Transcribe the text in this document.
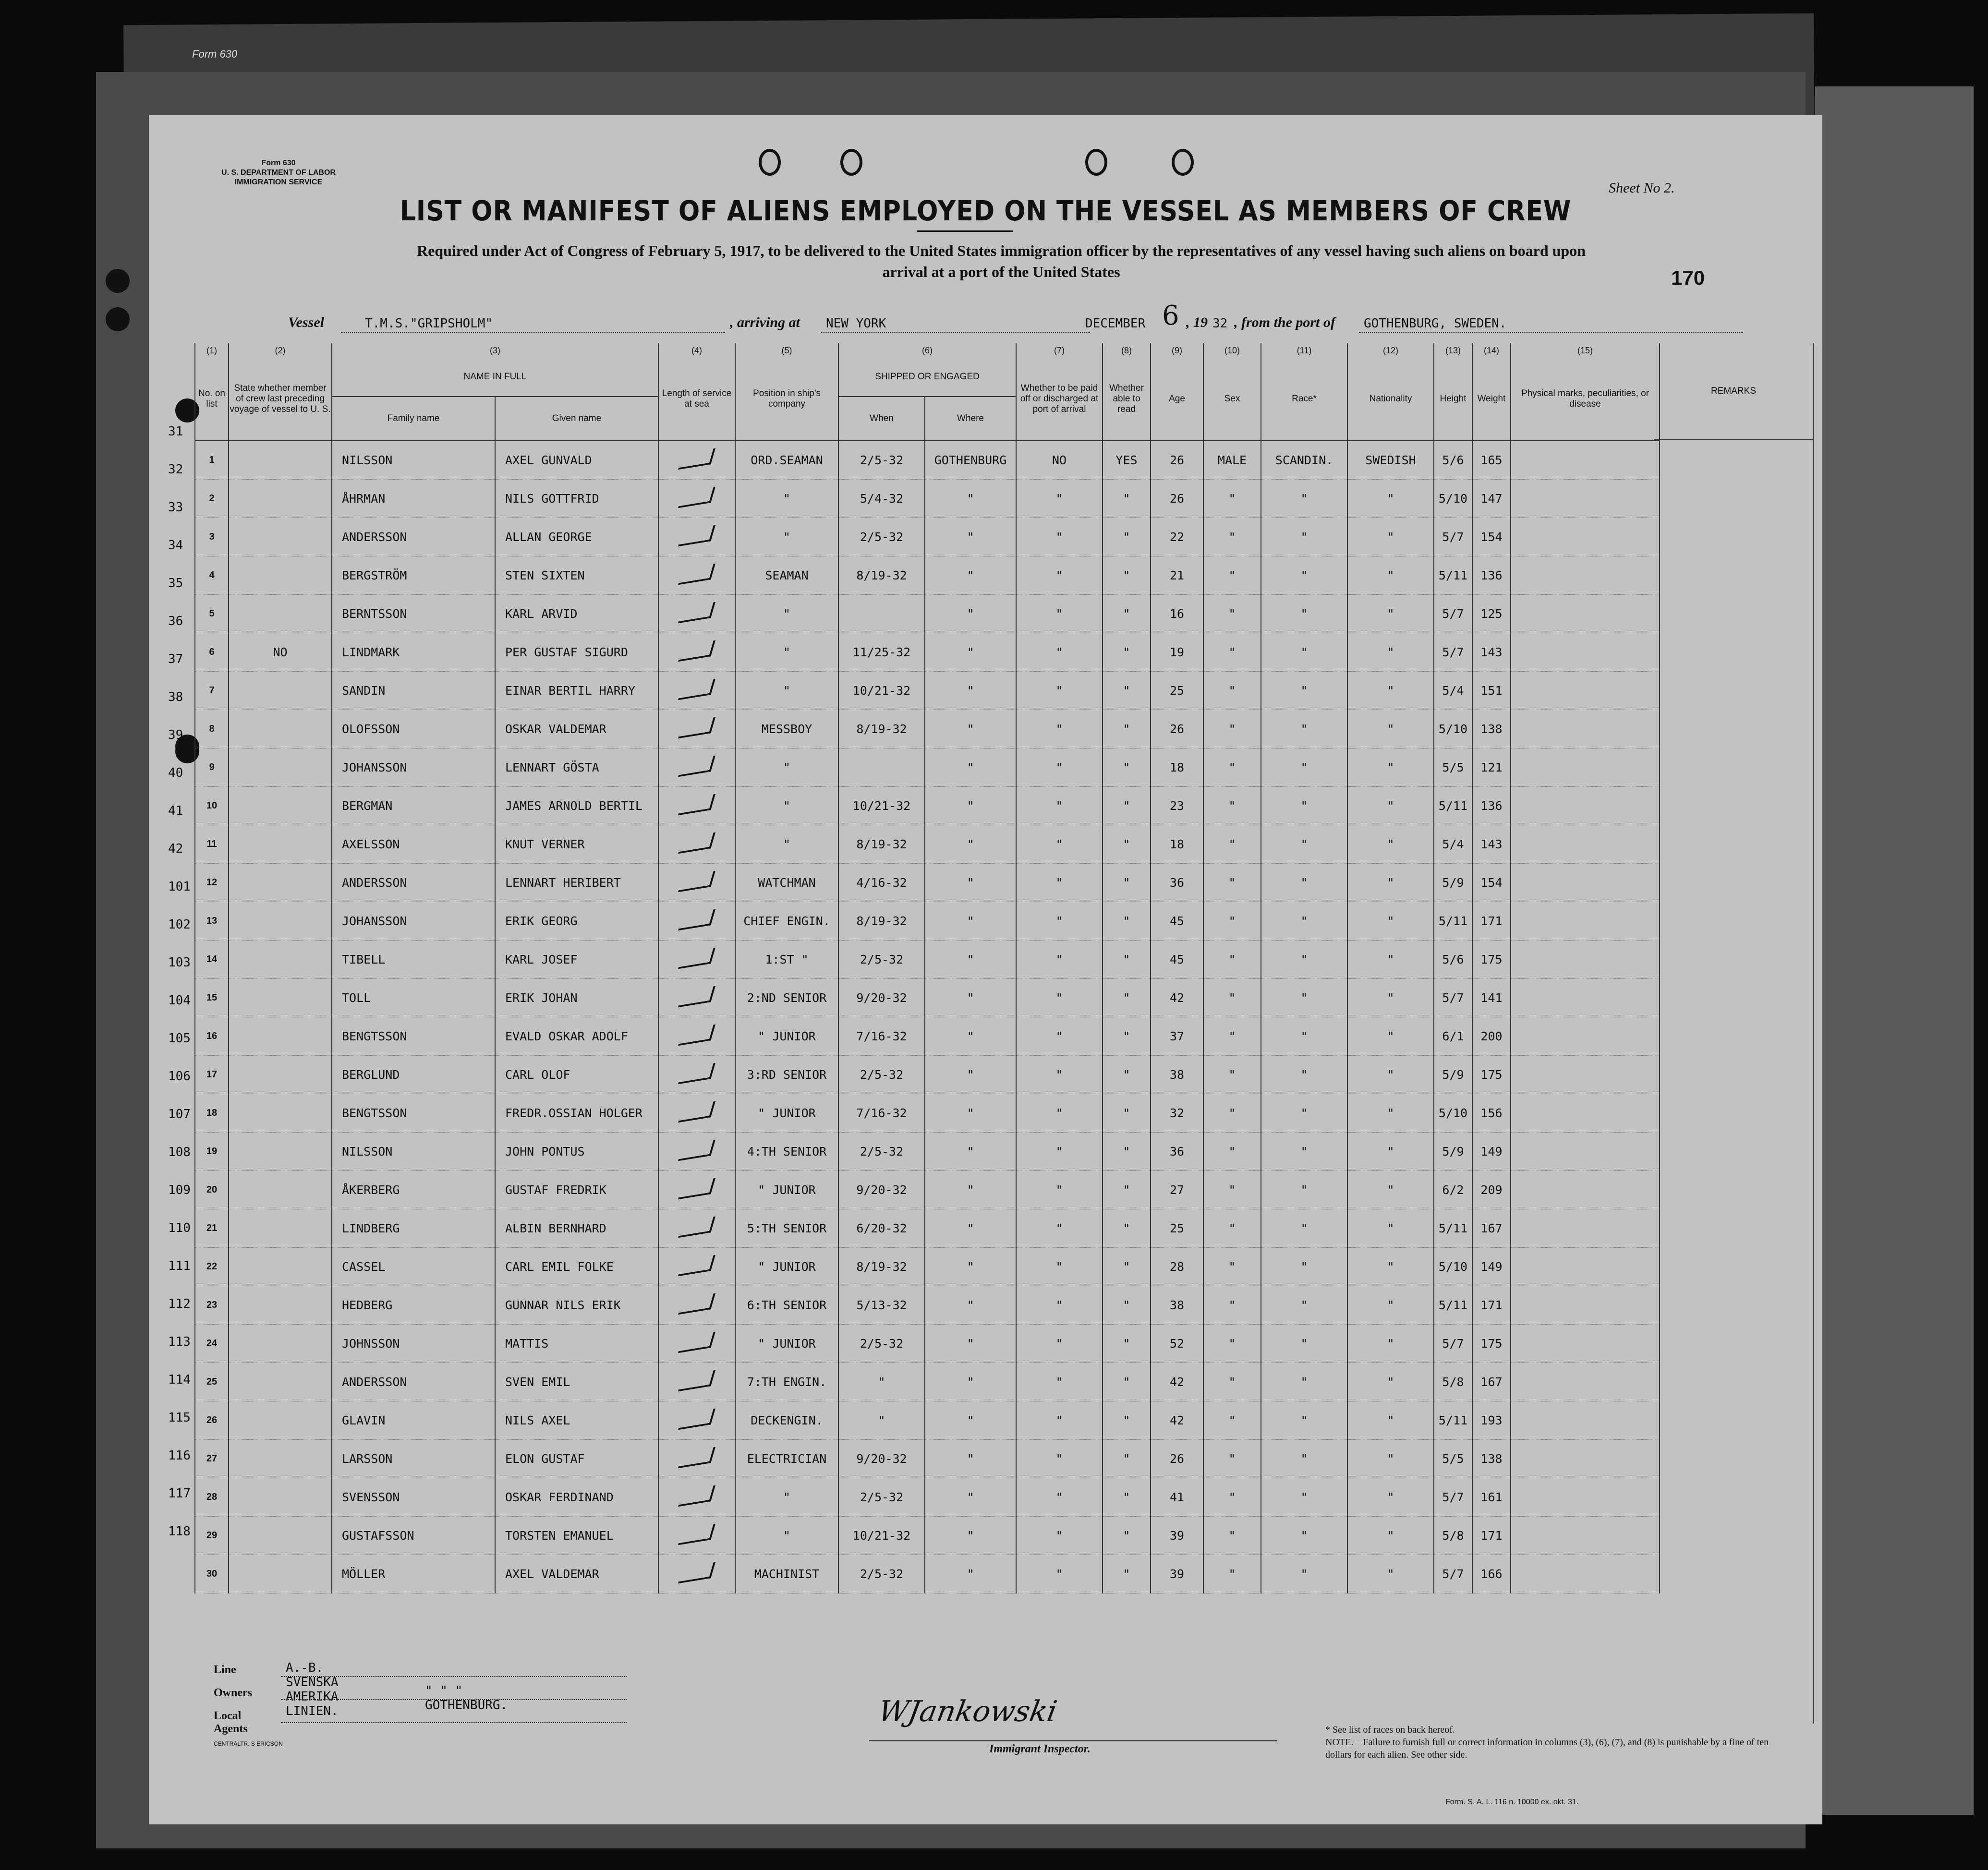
Form 630
Form 630
U. S. DEPARTMENT OF LABOR
IMMIGRATION SERVICE	Sheet No 2.
LIST OR MANIFEST OF ALIENS EMPLOYED ON THE VESSEL AS MEMBERS OF CREW
Required under Act of Congress of February 5, 1917, to be delivered to the United States immigration officer by the representatives of any vessel having such aliens on board upon
arrival at a port of the United States	170
Vessel	T.M.S."GRIPSHOLM"	, arriving at NEW YORK	DECEMBER 6 , 19 32 , from the port of GOTHENBURG, SWEDEN.
31
32
33
34
35
36
37
38
39
40
41
42
101
102
103
104
105
106
107
108
109
110
111
112
113
114
115
116
117
118
(1)	(2)	(3)		(4)	(5)	(6)		(7)	(8)	(9)	(10)	(11)	(12)	(13)	(14)	(15)
No. on list	State whether member of crew last preceding voyage of vessel to U. S.	NAME IN FULL		Length of service at sea	Position in ship's company	SHIPPED OR ENGAGED		Whether to be paid off or discharged at port of arrival	Whether able to read	Age	Sex	Race*	Nationality	Height	Weight	Physical marks, peculiarities, or disease
		Family name	Given name			When	Where									
1		NILSSON	AXEL GUNVALD		ORD.SEAMAN	2/5-32	GOTHENBURG	NO	YES	26	MALE	SCANDIN.	SWEDISH	5/6	165	
2		ÅHRMAN	NILS GOTTFRID		"	5/4-32	"	"	"	26	"	"	"	5/10	147	
3		ANDERSSON	ALLAN GEORGE		"	2/5-32	"	"	"	22	"	"	"	5/7	154	
4		BERGSTRÖM	STEN SIXTEN		SEAMAN	8/19-32	"	"	"	21	"	"	"	5/11	136	
5		BERNTSSON	KARL ARVID		"		"	"	"	16	"	"	"	5/7	125	
6	NO	LINDMARK	PER GUSTAF SIGURD		"	11/25-32	"	"	"	19	"	"	"	5/7	143	
7		SANDIN	EINAR BERTIL HARRY		"	10/21-32	"	"	"	25	"	"	"	5/4	151	
8		OLOFSSON	OSKAR VALDEMAR		MESSBOY	8/19-32	"	"	"	26	"	"	"	5/10	138	
9		JOHANSSON	LENNART GÖSTA		"		"	"	"	18	"	"	"	5/5	121	
10		BERGMAN	JAMES ARNOLD BERTIL		"	10/21-32	"	"	"	23	"	"	"	5/11	136	
11		AXELSSON	KNUT VERNER		"	8/19-32	"	"	"	18	"	"	"	5/4	143	
12		ANDERSSON	LENNART HERIBERT		WATCHMAN	4/16-32	"	"	"	36	"	"	"	5/9	154	
13		JOHANSSON	ERIK GEORG		CHIEF ENGIN.	8/19-32	"	"	"	45	"	"	"	5/11	171	
14		TIBELL	KARL JOSEF		1:ST "	2/5-32	"	"	"	45	"	"	"	5/6	175	
15		TOLL	ERIK JOHAN		2:ND SENIOR	9/20-32	"	"	"	42	"	"	"	5/7	141	
16		BENGTSSON	EVALD OSKAR ADOLF		" JUNIOR	7/16-32	"	"	"	37	"	"	"	6/1	200	
17		BERGLUND	CARL OLOF		3:RD SENIOR	2/5-32	"	"	"	38	"	"	"	5/9	175	
18		BENGTSSON	FREDR.OSSIAN HOLGER		" JUNIOR	7/16-32	"	"	"	32	"	"	"	5/10	156	
19		NILSSON	JOHN PONTUS		4:TH SENIOR	2/5-32	"	"	"	36	"	"	"	5/9	149	
20		ÅKERBERG	GUSTAF FREDRIK		" JUNIOR	9/20-32	"	"	"	27	"	"	"	6/2	209	
21		LINDBERG	ALBIN BERNHARD		5:TH SENIOR	6/20-32	"	"	"	25	"	"	"	5/11	167	
22		CASSEL	CARL EMIL FOLKE		" JUNIOR	8/19-32	"	"	"	28	"	"	"	5/10	149	
23		HEDBERG	GUNNAR NILS ERIK		6:TH SENIOR	5/13-32	"	"	"	38	"	"	"	5/11	171	
24		JOHNSSON	MATTIS		" JUNIOR	2/5-32	"	"	"	52	"	"	"	5/7	175	
25		ANDERSSON	SVEN EMIL		7:TH ENGIN.	"	"	"	"	42	"	"	"	5/8	167	
26		GLAVIN	NILS AXEL		DECKENGIN.	"	"	"	"	42	"	"	"	5/11	193	
27		LARSSON	ELON GUSTAF		ELECTRICIAN	9/20-32	"	"	"	26	"	"	"	5/5	138	
28		SVENSSON	OSKAR FERDINAND		"	2/5-32	"	"	"	41	"	"	"	5/7	161	
29		GUSTAFSSON	TORSTEN EMANUEL		"	10/21-32	"	"	"	39	"	"	"	5/8	171	
30		MÖLLER	AXEL VALDEMAR		MACHINIST	2/5-32	"	"	"	39	"	"	"	5/7	166	
REMARKS
Line	A.-B. SVENSKA AMERIKA LINIEN.
Owners	" " " GOTHENBURG.
Local Agents
CENTRALTR. S ERICSON
WJankowski
Immigrant Inspector.
* See list of races on back hereof.
NOTE.—Failure to furnish full or correct information in columns (3), (6), (7), and (8) is punishable by a fine of ten dollars for each alien. See other side.
Form. S. A. L. 116 n. 10000 ex. okt. 31.
